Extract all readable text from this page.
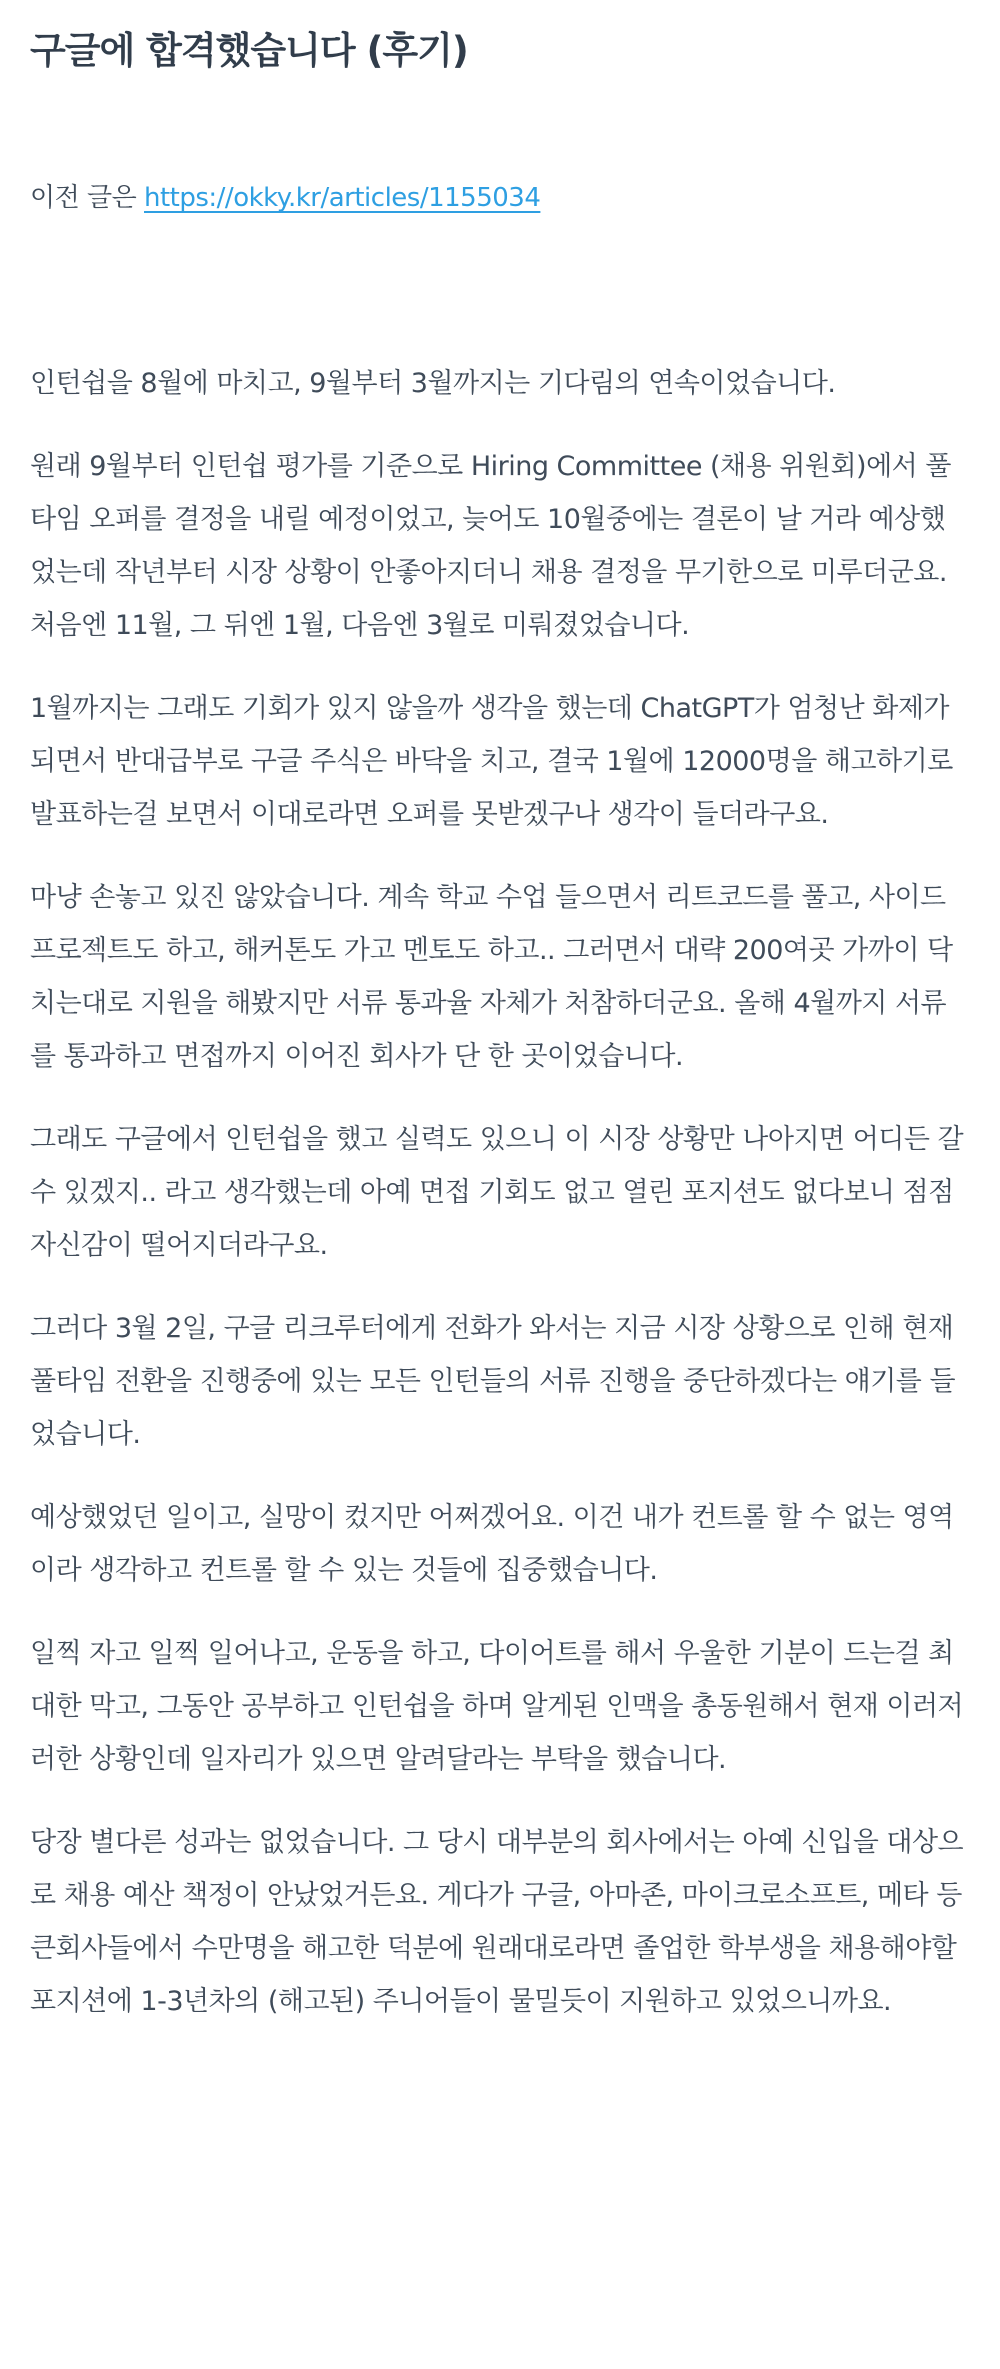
구글에 합격했습니다 (후기)

이전 글은 https://okky.kr/articles/1155034

인턴쉽을 8월에 마치고, 9월부터 3월까지는 기다림의 연속이었습니다.

원래 9월부터 인턴쉽 평가를 기준으로 Hiring Committee (채용 위원회)에서 풀타임 오퍼를 결정을 내릴 예정이었고, 늦어도 10월중에는 결론이 날 거라 예상했었는데 작년부터 시장 상황이 안좋아지더니 채용 결정을 무기한으로 미루더군요. 처음엔 11월, 그 뒤엔 1월, 다음엔 3월로 미뤄졌었습니다.

1월까지는 그래도 기회가 있지 않을까 생각을 했는데 ChatGPT가 엄청난 화제가 되면서 반대급부로 구글 주식은 바닥을 치고, 결국 1월에 12000명을 해고하기로 발표하는걸 보면서 이대로라면 오퍼를 못받겠구나 생각이 들더라구요.

마냥 손놓고 있진 않았습니다. 계속 학교 수업 들으면서 리트코드를 풀고, 사이드 프로젝트도 하고, 해커톤도 가고 멘토도 하고.. 그러면서 대략 200여곳 가까이 닥치는대로 지원을 해봤지만 서류 통과율 자체가 처참하더군요. 올해 4월까지 서류를 통과하고 면접까지 이어진 회사가 단 한 곳이었습니다.

그래도 구글에서 인턴쉽을 했고 실력도 있으니 이 시장 상황만 나아지면 어디든 갈 수 있겠지.. 라고 생각했는데 아예 면접 기회도 없고 열린 포지션도 없다보니 점점 자신감이 떨어지더라구요.

그러다 3월 2일, 구글 리크루터에게 전화가 와서는 지금 시장 상황으로 인해 현재 풀타임 전환을 진행중에 있는 모든 인턴들의 서류 진행을 중단하겠다는 얘기를 들었습니다.

예상했었던 일이고, 실망이 컸지만 어쩌겠어요. 이건 내가 컨트롤 할 수 없는 영역이라 생각하고 컨트롤 할 수 있는 것들에 집중했습니다.

일찍 자고 일찍 일어나고, 운동을 하고, 다이어트를 해서 우울한 기분이 드는걸 최대한 막고, 그동안 공부하고 인턴쉽을 하며 알게된 인맥을 총동원해서 현재 이러저러한 상황인데 일자리가 있으면 알려달라는 부탁을 했습니다.

당장 별다른 성과는 없었습니다. 그 당시 대부분의 회사에서는 아예 신입을 대상으로 채용 예산 책정이 안났었거든요. 게다가 구글, 아마존, 마이크로소프트, 메타 등 큰회사들에서 수만명을 해고한 덕분에 원래대로라면 졸업한 학부생을 채용해야할 포지션에 1-3년차의 (해고된) 주니어들이 물밀듯이 지원하고 있었으니까요.
